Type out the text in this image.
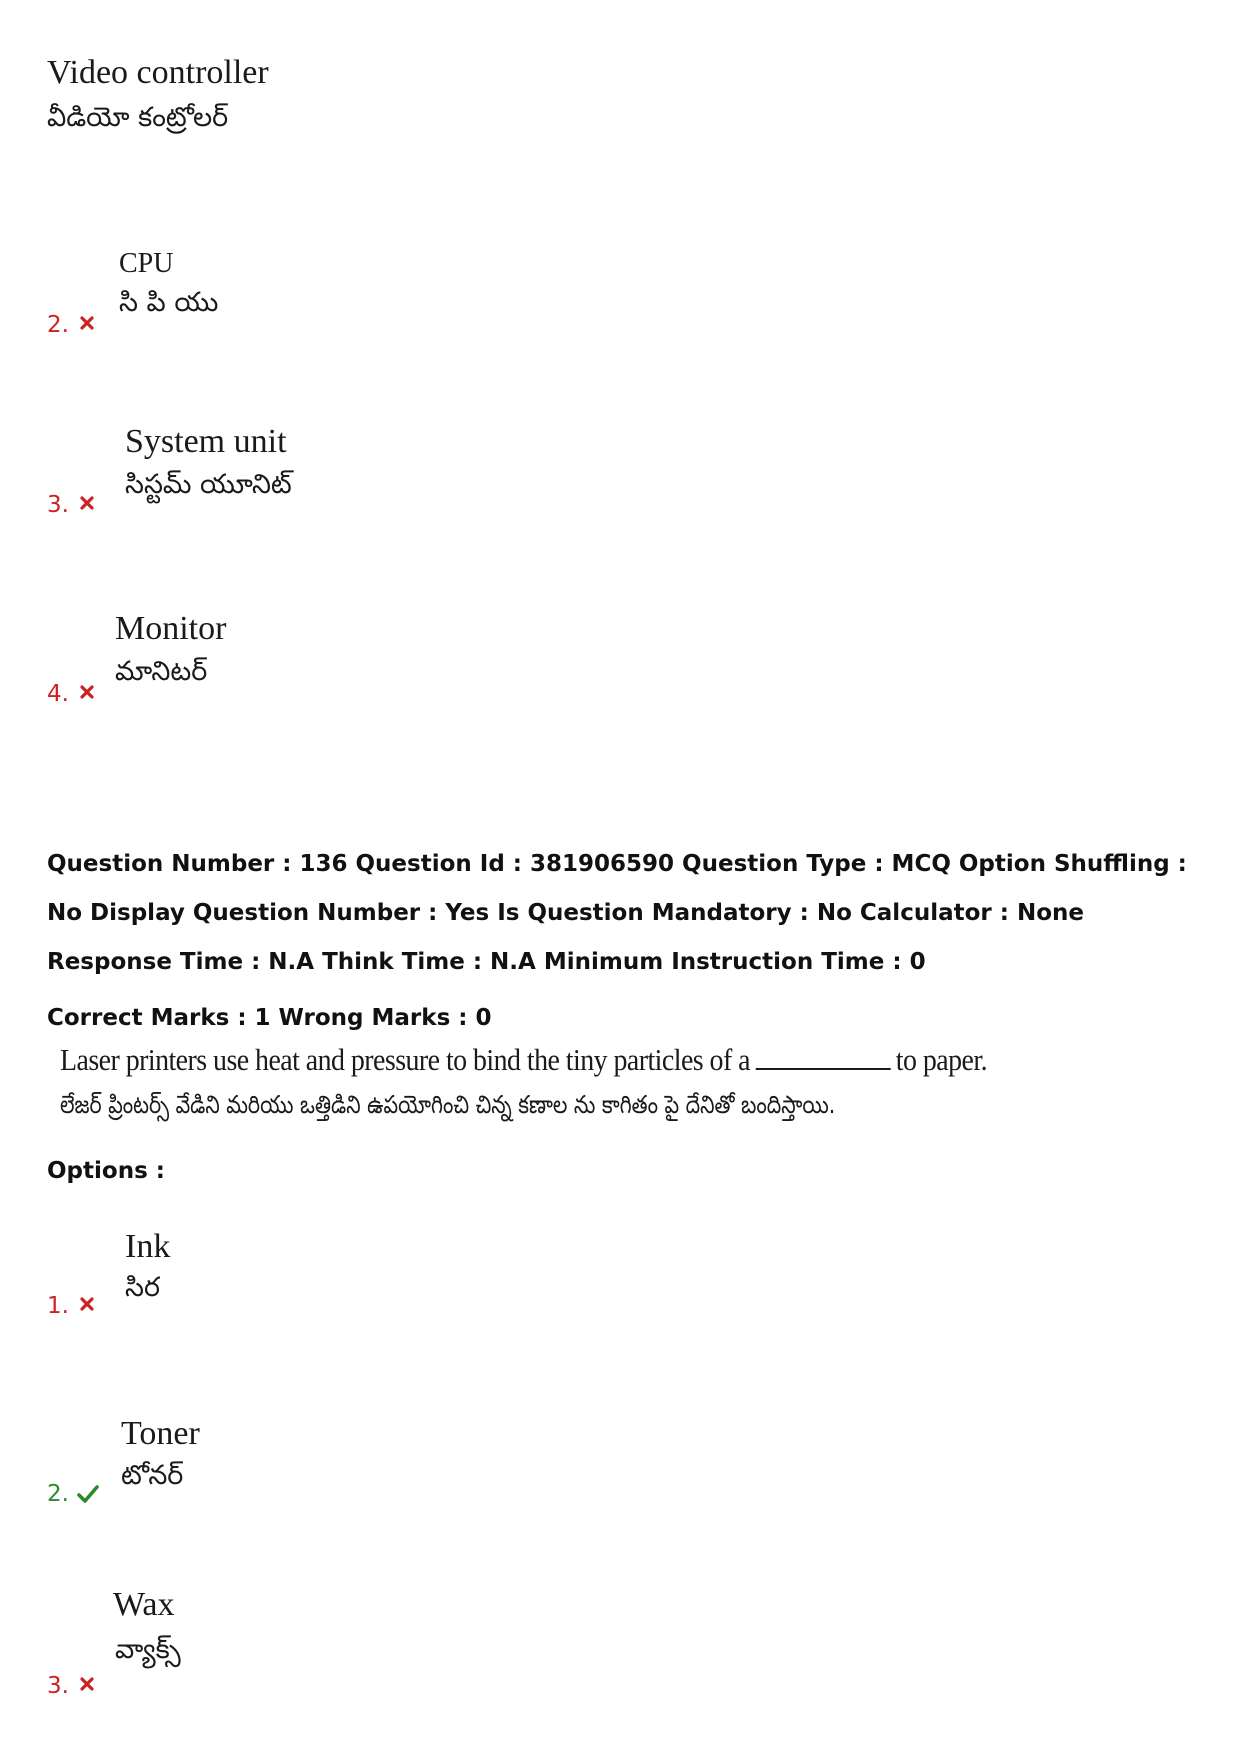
Video controller
వీడియో కంట్రోలర్
CPU
సి పి యు
2.
System unit
సిస్టమ్ యూనిట్
3.
Monitor
మానిటర్
4.
Question Number : 136 Question Id : 381906590 Question Type : MCQ Option Shuffling : No Display Question Number : Yes Is Question Mandatory : No Calculator : None Response Time : N.A Think Time : N.A Minimum Instruction Time : 0
Correct Marks : 1 Wrong Marks : 0
Laser printers use heat and pressure to bind the tiny particles of a	to paper.
లేజర్ ప్రింటర్స్ వేడిని మరియు ఒత్తిడిని ఉపయోగించి చిన్న కణాల ను కాగితం పై దేనితో బందిస్తాయి.
Options :
Ink
సిర
1.
Toner
టోనర్
2.
Wax
వ్యాక్స్
3.
